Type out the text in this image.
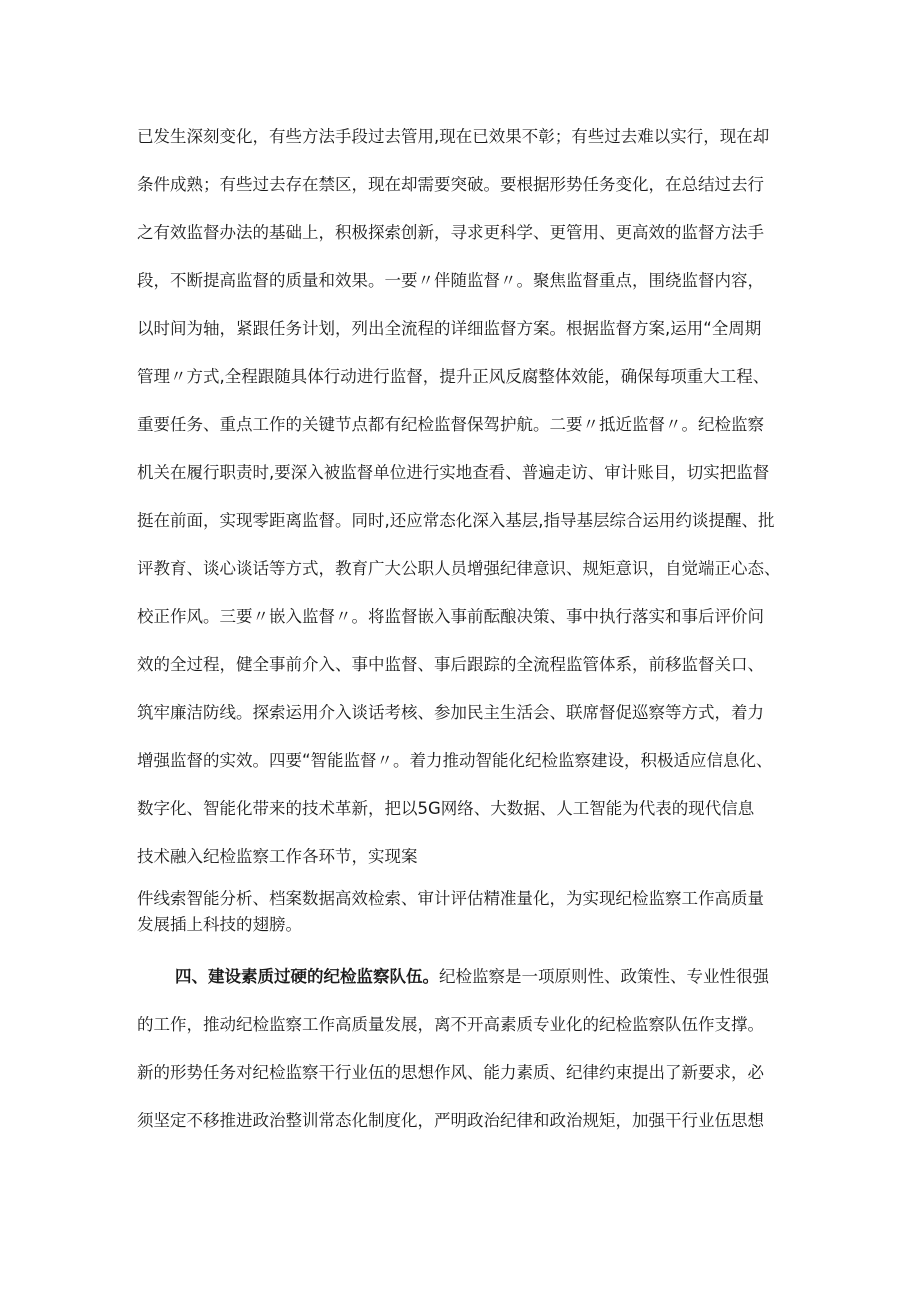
已发生深刻变化，有些方法手段过去管用,现在已效果不彰；有些过去难以实行，现在却
条件成熟；有些过去存在禁区，现在却需要突破。要根据形势任务变化，在总结过去行
之有效监督办法的基础上，积极探索创新，寻求更科学、更管用、更高效的监督方法手
段，不断提高监督的质量和效果。一要〃伴随监督〃。聚焦监督重点，围绕监督内容，
以时间为轴，紧跟任务计划，列出全流程的详细监督方案。根据监督方案,运用“全周期
管理〃方式,全程跟随具体行动进行监督，提升正风反腐整体效能，确保每项重大工程、
重要任务、重点工作的关键节点都有纪检监督保驾护航。二要〃抵近监督〃。纪检监察
机关在履行职责时,要深入被监督单位进行实地查看、普遍走访、审计账目，切实把监督
挺在前面，实现零距离监督。同时,还应常态化深入基层,指导基层综合运用约谈提醒、批
评教育、谈心谈话等方式，教育广大公职人员增强纪律意识、规矩意识，自觉端正心态、
校正作风。三要〃嵌入监督〃。将监督嵌入事前酝酿决策、事中执行落实和事后评价问
效的全过程，健全事前介入、事中监督、事后跟踪的全流程监管体系，前移监督关口、
筑牢廉洁防线。探索运用介入谈话考核、参加民主生活会、联席督促巡察等方式，着力
增强监督的实效。四要“智能监督〃。着力推动智能化纪检监察建设，积极适应信息化、
数字化、智能化带来的技术革新，把以5G网络、大数据、人工智能为代表的现代信息
技术融入纪检监察工作各环节，实现案
件线索智能分析、档案数据高效检索、审计评估精准量化，为实现纪检监察工作高质量
发展插上科技的翅膀。
四、建设素质过硬的纪检监察队伍。纪检监察是一项原则性、政策性、专业性很强
的工作，推动纪检监察工作高质量发展，离不开高素质专业化的纪检监察队伍作支撑。
新的形势任务对纪检监察干行业伍的思想作风、能力素质、纪律约束提出了新要求，必
须坚定不移推进政治整训常态化制度化，严明政治纪律和政治规矩，加强干行业伍思想
